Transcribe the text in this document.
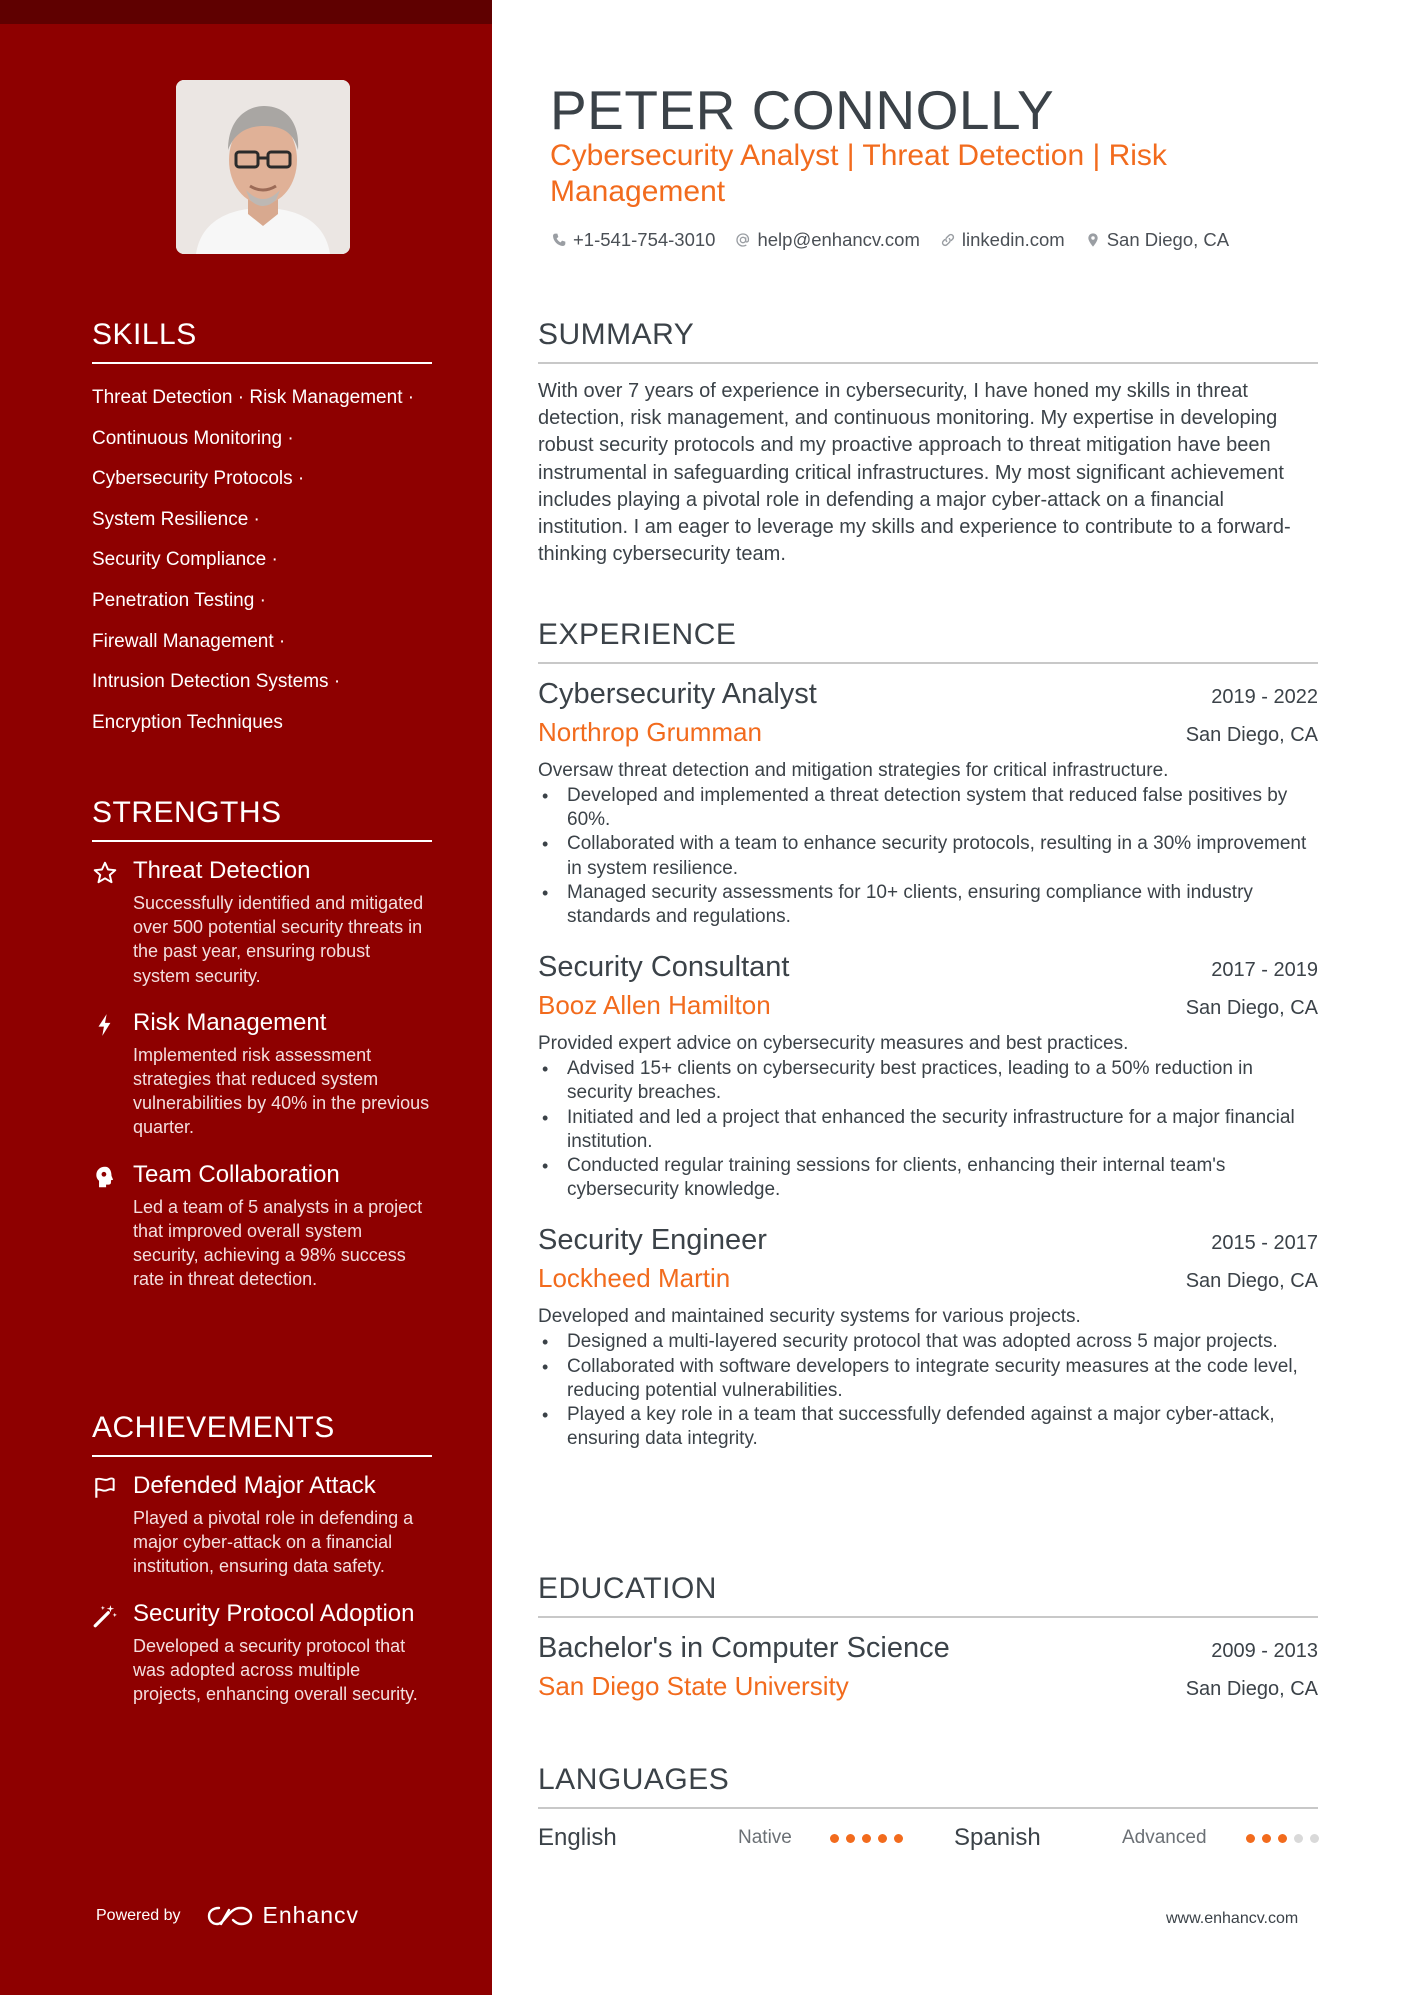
SKILLS
Threat Detection · Risk Management ·
Continuous Monitoring ·
Cybersecurity Protocols ·
System Resilience ·
Security Compliance ·
Penetration Testing ·
Firewall Management ·
Intrusion Detection Systems ·
Encryption Techniques
STRENGTHS
Threat Detection
Successfully identified and mitigated over 500 potential security threats in the past year, ensuring robust system security.
Risk Management
Implemented risk assessment strategies that reduced system vulnerabilities by 40% in the previous quarter.
Team Collaboration
Led a team of 5 analysts in a project that improved overall system security, achieving a 98% success rate in threat detection.
ACHIEVEMENTS
Defended Major Attack
Played a pivotal role in defending a major cyber-attack on a financial institution, ensuring data safety.
Security Protocol Adoption
Developed a security protocol that was adopted across multiple projects, enhancing overall security.
Powered by	Enhancv
PETER CONNOLLY
Cybersecurity Analyst | Threat Detection | Risk Management
+1-541-754-3010 help@enhancv.com linkedin.com San Diego, CA
SUMMARY
With over 7 years of experience in cybersecurity, I have honed my skills in threat detection, risk management, and continuous monitoring. My expertise in developing robust security protocols and my proactive approach to threat mitigation have been instrumental in safeguarding critical infrastructures. My most significant achievement includes playing a pivotal role in defending a major cyber-attack on a financial institution. I am eager to leverage my skills and experience to contribute to a forward-thinking cybersecurity team.
EXPERIENCE
Cybersecurity Analyst	2019 - 2022
Northrop Grumman	San Diego, CA
Oversaw threat detection and mitigation strategies for critical infrastructure.
• Developed and implemented a threat detection system that reduced false positives by 60%.
• Collaborated with a team to enhance security protocols, resulting in a 30% improvement in system resilience.
• Managed security assessments for 10+ clients, ensuring compliance with industry standards and regulations.
Security Consultant	2017 - 2019
Booz Allen Hamilton	San Diego, CA
Provided expert advice on cybersecurity measures and best practices.
• Advised 15+ clients on cybersecurity best practices, leading to a 50% reduction in security breaches.
• Initiated and led a project that enhanced the security infrastructure for a major financial institution.
• Conducted regular training sessions for clients, enhancing their internal team's cybersecurity knowledge.
Security Engineer	2015 - 2017
Lockheed Martin	San Diego, CA
Developed and maintained security systems for various projects.
• Designed a multi-layered security protocol that was adopted across 5 major projects.
• Collaborated with software developers to integrate security measures at the code level, reducing potential vulnerabilities.
• Played a key role in a team that successfully defended against a major cyber-attack, ensuring data integrity.
EDUCATION
Bachelor's in Computer Science	2009 - 2013
San Diego State University	San Diego, CA
LANGUAGES
English	Native	Spanish	Advanced
www.enhancv.com
